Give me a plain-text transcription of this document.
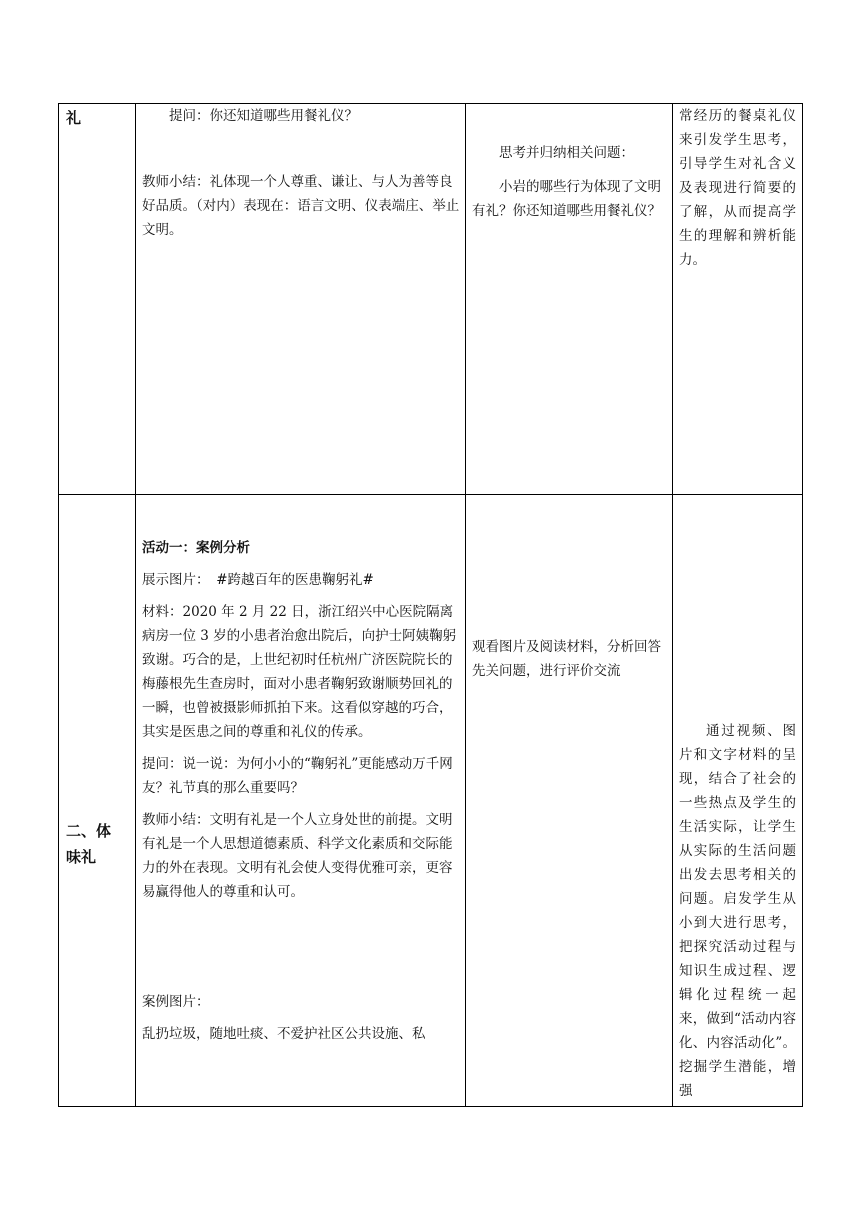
礼	提问：你还知道哪些用餐礼仪？

教师小结：礼体现一个人尊重、谦让、与人为善等良好品质。（对内）表现在：语言文明、仪表端庄、举止文明。

思考并归纳相关问题：

小岩的哪些行为体现了文明有礼？你还知道哪些用餐礼仪？

常经历的餐桌礼仪来引发学生思考，引导学生对礼含义及表现进行简要的了解，从而提高学生的理解和辨析能力。

二、体

味礼

活动一：案例分析

展示图片：　#跨越百年的医患鞠躬礼#

材料：2020 年 2 月 22 日，浙江绍兴中心医院隔离病房一位 3 岁的小患者治愈出院后，向护士阿姨鞠躬致谢。巧合的是，上世纪初时任杭州广济医院院长的梅藤根先生查房时，面对小患者鞠躬致谢顺势回礼的一瞬，也曾被摄影师抓拍下来。这看似穿越的巧合，其实是医患之间的尊重和礼仪的传承。

提问：说一说：为何小小的“鞠躬礼”更能感动万千网友？礼节真的那么重要吗？

教师小结：文明有礼是一个人立身处世的前提。文明有礼是一个人思想道德素质、科学文化素质和交际能力的外在表现。文明有礼会使人变得优雅可亲，更容易赢得他人的尊重和认可。

案例图片：

乱扔垃圾，随地吐痰、不爱护社区公共设施、私

观看图片及阅读材料，分析回答先关问题，进行评价交流
通过视频、图片和文字材料的呈现，结合了社会的一些热点及学生的生活实际，让学生从实际的生活问题出发去思考相关的问题。启发学生从小到大进行思考，把探究活动过程与知识生成过程、逻辑化过程统一起来，做到“活动内容化、内容活动化”。挖掘学生潜能，增强
